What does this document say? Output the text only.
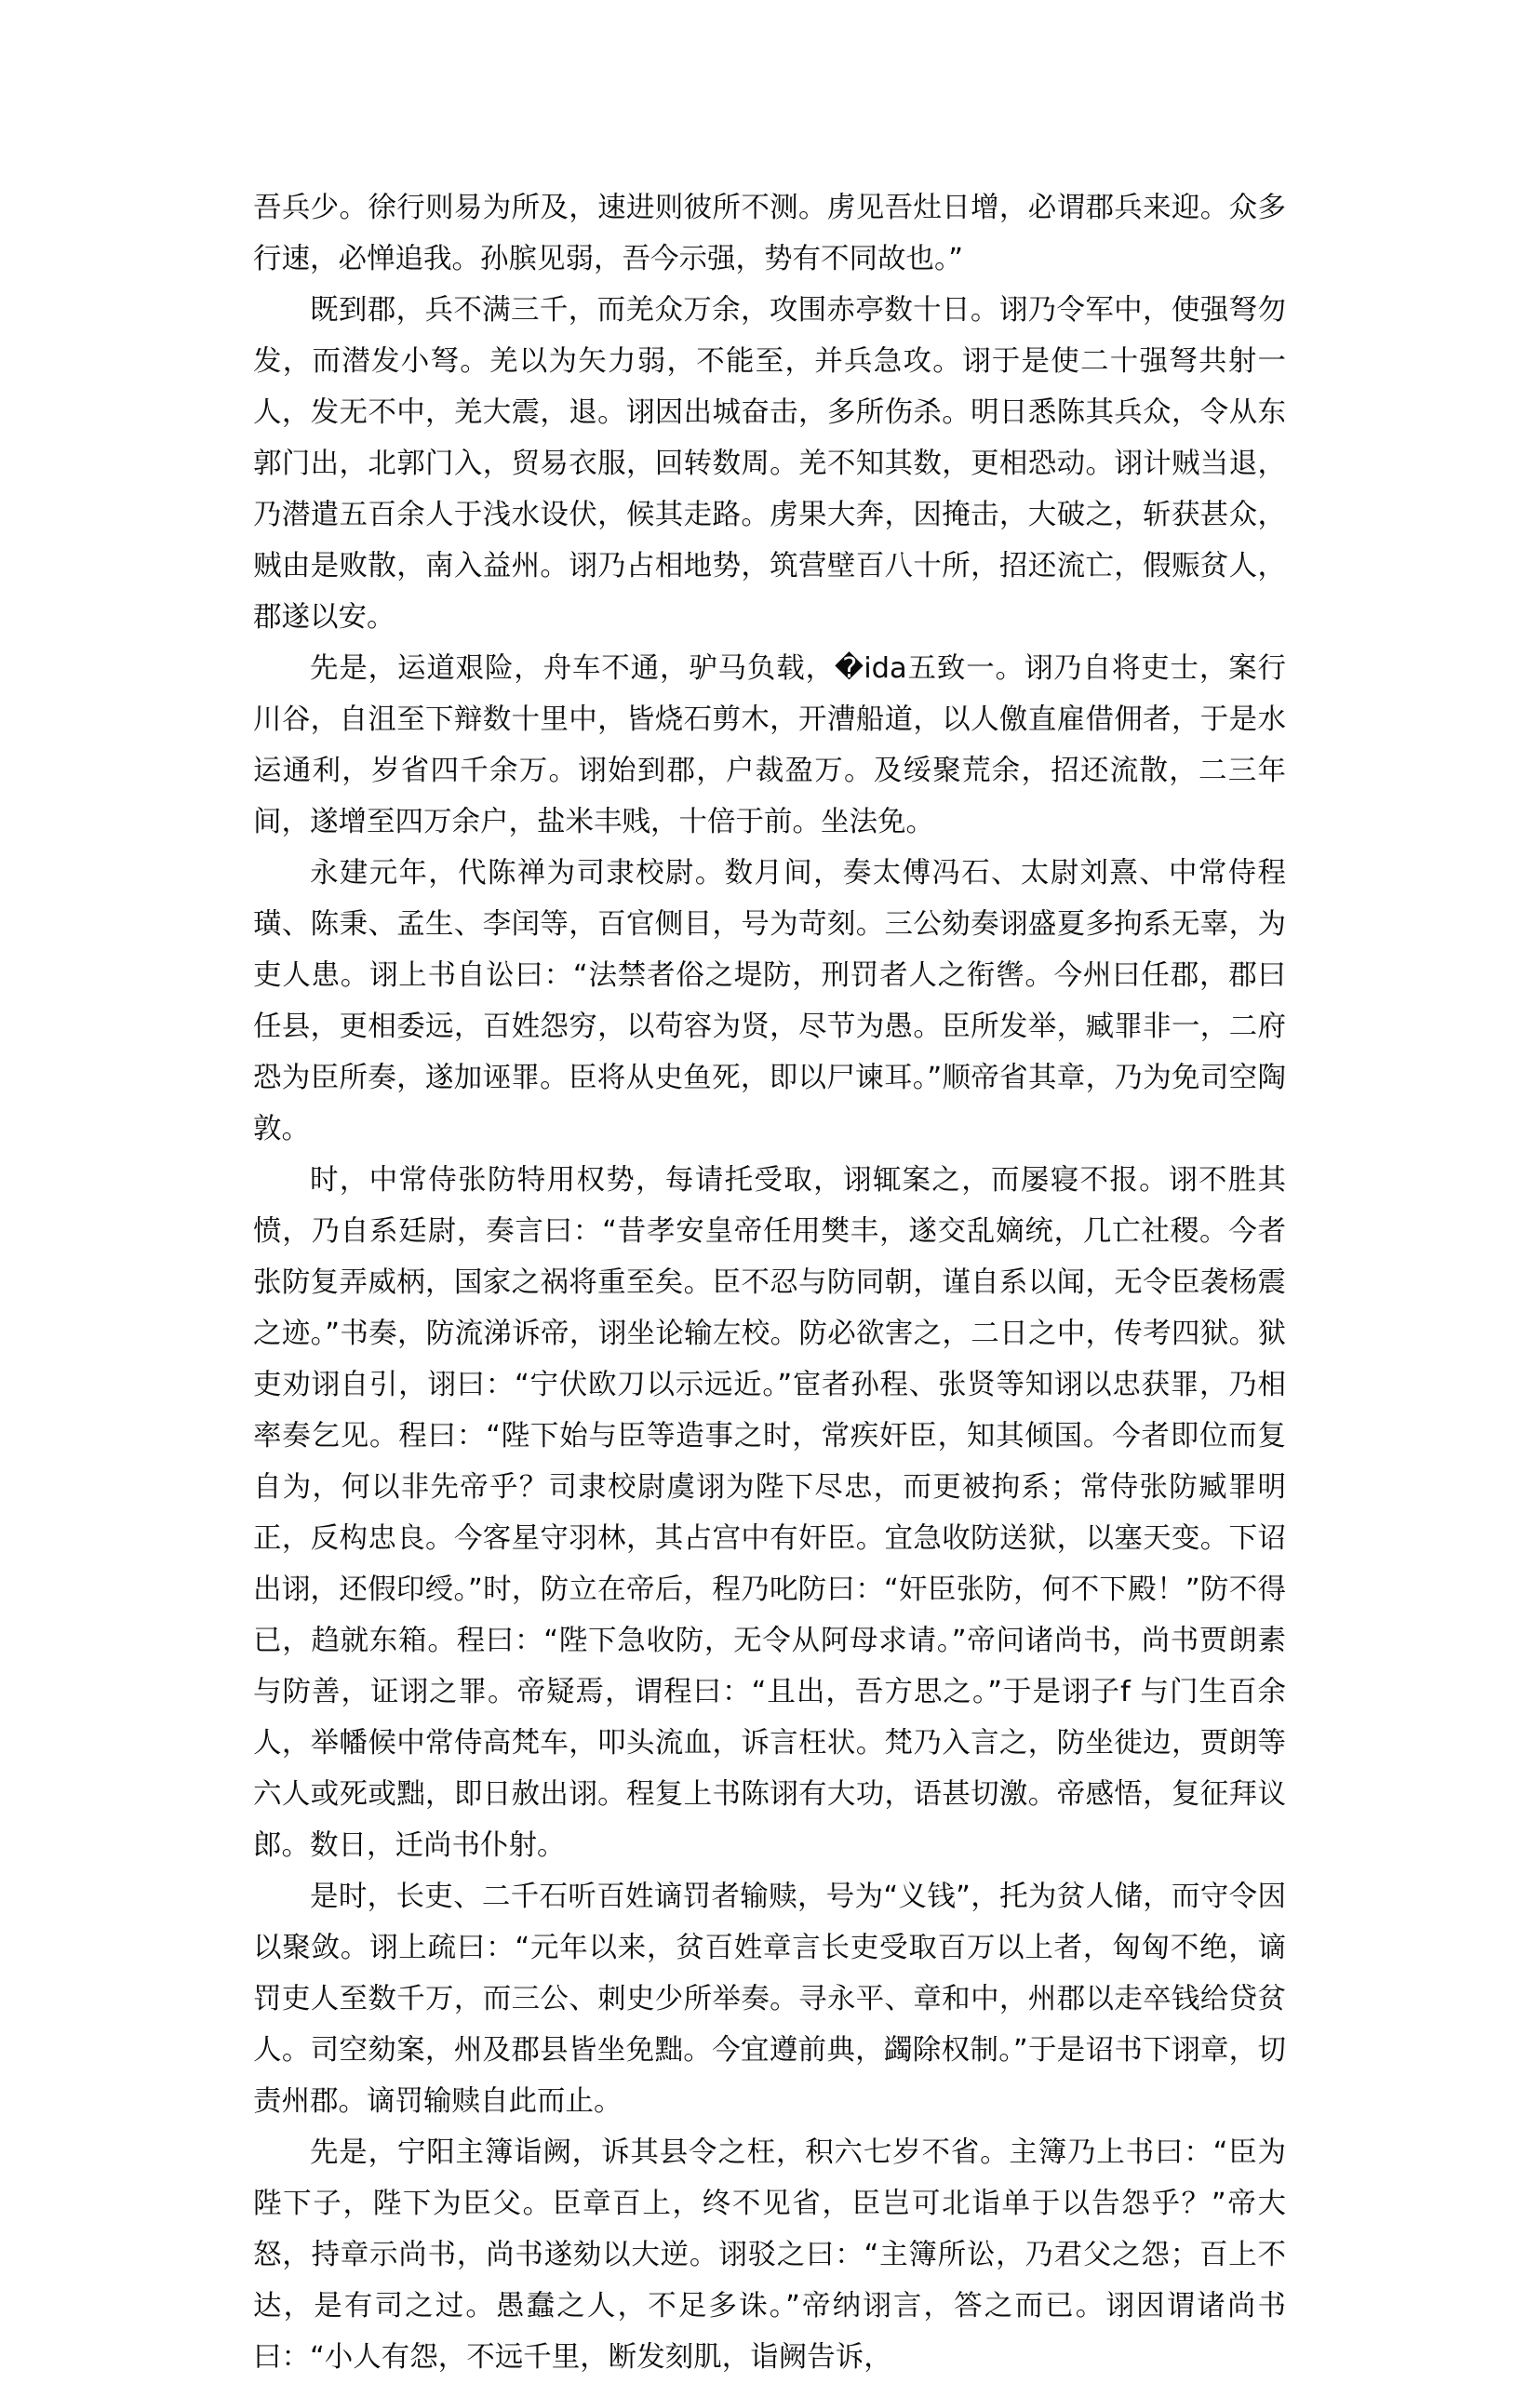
吾兵少。徐行则易为所及，速进则彼所不测。虏见吾灶日增，必谓郡兵来迎。众多行速，必惮追我。孙膑见弱，吾今示强，势有不同故也。”

既到郡，兵不满三千，而羌众万余，攻围赤亭数十日。诩乃令军中，使强弩勿发，而潜发小弩。羌以为矢力弱，不能至，并兵急攻。诩于是使二十强弩共射一人，发无不中，羌大震，退。诩因出城奋击，多所伤杀。明日悉陈其兵众，令从东郭门出，北郭门入，贸易衣服，回转数周。羌不知其数，更相恐动。诩计贼当退，乃潜遣五百余人于浅水设伏，候其走路。虏果大奔，因掩击，大破之，斩获甚众，贼由是败散，南入益州。诩乃占相地势，筑营壁百八十所，招还流亡，假赈贫人，郡遂以安。

先是，运道艰险，舟车不通，驴马负载，�ida五致一。诩乃自将吏士，案行川谷，自沮至下辩数十里中，皆烧石剪木，开漕船道，以人儌直雇借佣者，于是水运通利，岁省四千余万。诩始到郡，户裁盈万。及绥聚荒余，招还流散，二三年间，遂增至四万余户，盐米丰贱，十倍于前。坐法免。

永建元年，代陈禅为司隶校尉。数月间，奏太傅冯石、太尉刘熹、中常侍程璜、陈秉、孟生、李闰等，百官侧目，号为苛刻。三公劾奏诩盛夏多拘系无辜，为吏人患。诩上书自讼曰：“法禁者俗之堤防，刑罚者人之衔辔。今州曰任郡，郡曰任县，更相委远，百姓怨穷，以苟容为贤，尽节为愚。臣所发举，臧罪非一，二府恐为臣所奏，遂加诬罪。臣将从史鱼死，即以尸谏耳。”顺帝省其章，乃为免司空陶敦。

时，中常侍张防特用权势，每请托受取，诩辄案之，而屡寝不报。诩不胜其愤，乃自系廷尉，奏言曰：“昔孝安皇帝任用樊丰，遂交乱嫡统，几亡社稷。今者张防复弄威柄，国家之祸将重至矣。臣不忍与防同朝，谨自系以闻，无令臣袭杨震之迹。”书奏，防流涕诉帝，诩坐论输左校。防必欲害之，二日之中，传考四狱。狱吏劝诩自引，诩曰：“宁伏欧刀以示远近。”宦者孙程、张贤等知诩以忠获罪，乃相率奏乞见。程曰：“陛下始与臣等造事之时，常疾奸臣，知其倾国。今者即位而复自为，何以非先帝乎？司隶校尉虞诩为陛下尽忠，而更被拘系；常侍张防臧罪明正，反构忠良。今客星守羽林，其占宫中有奸臣。宜急收防送狱，以塞天变。下诏出诩，还假印绶。”时，防立在帝后，程乃叱防曰：“奸臣张防，何不下殿！”防不得已，趋就东箱。程曰：“陛下急收防，无令从阿母求请。”帝问诸尚书，尚书贾朗素与防善，证诩之罪。帝疑焉，谓程曰：“且出，吾方思之。”于是诩子f 与门生百余人，举幡候中常侍高梵车，叩头流血，诉言枉状。梵乃入言之，防坐徙边，贾朗等六人或死或黜，即日赦出诩。程复上书陈诩有大功，语甚切激。帝感悟，复征拜议郎。数日，迁尚书仆射。

是时，长吏、二千石听百姓谪罚者输赎，号为“义钱”，托为贫人储，而守令因以聚敛。诩上疏曰：“元年以来，贫百姓章言长吏受取百万以上者，匈匈不绝，谪罚吏人至数千万，而三公、刺史少所举奏。寻永平、章和中，州郡以走卒钱给贷贫人。司空劾案，州及郡县皆坐免黜。今宜遵前典，蠲除权制。”于是诏书下诩章，切责州郡。谪罚输赎自此而止。

先是，宁阳主簿诣阙，诉其县令之枉，积六七岁不省。主簿乃上书曰：“臣为陛下子，陛下为臣父。臣章百上，终不见省，臣岂可北诣单于以告怨乎？”帝大怒，持章示尚书，尚书遂劾以大逆。诩驳之曰：“主簿所讼，乃君父之怨；百上不达，是有司之过。愚蠢之人，不足多诛。”帝纳诩言，答之而已。诩因谓诸尚书曰：“小人有怨，不远千里，断发刻肌，诣阙告诉，
